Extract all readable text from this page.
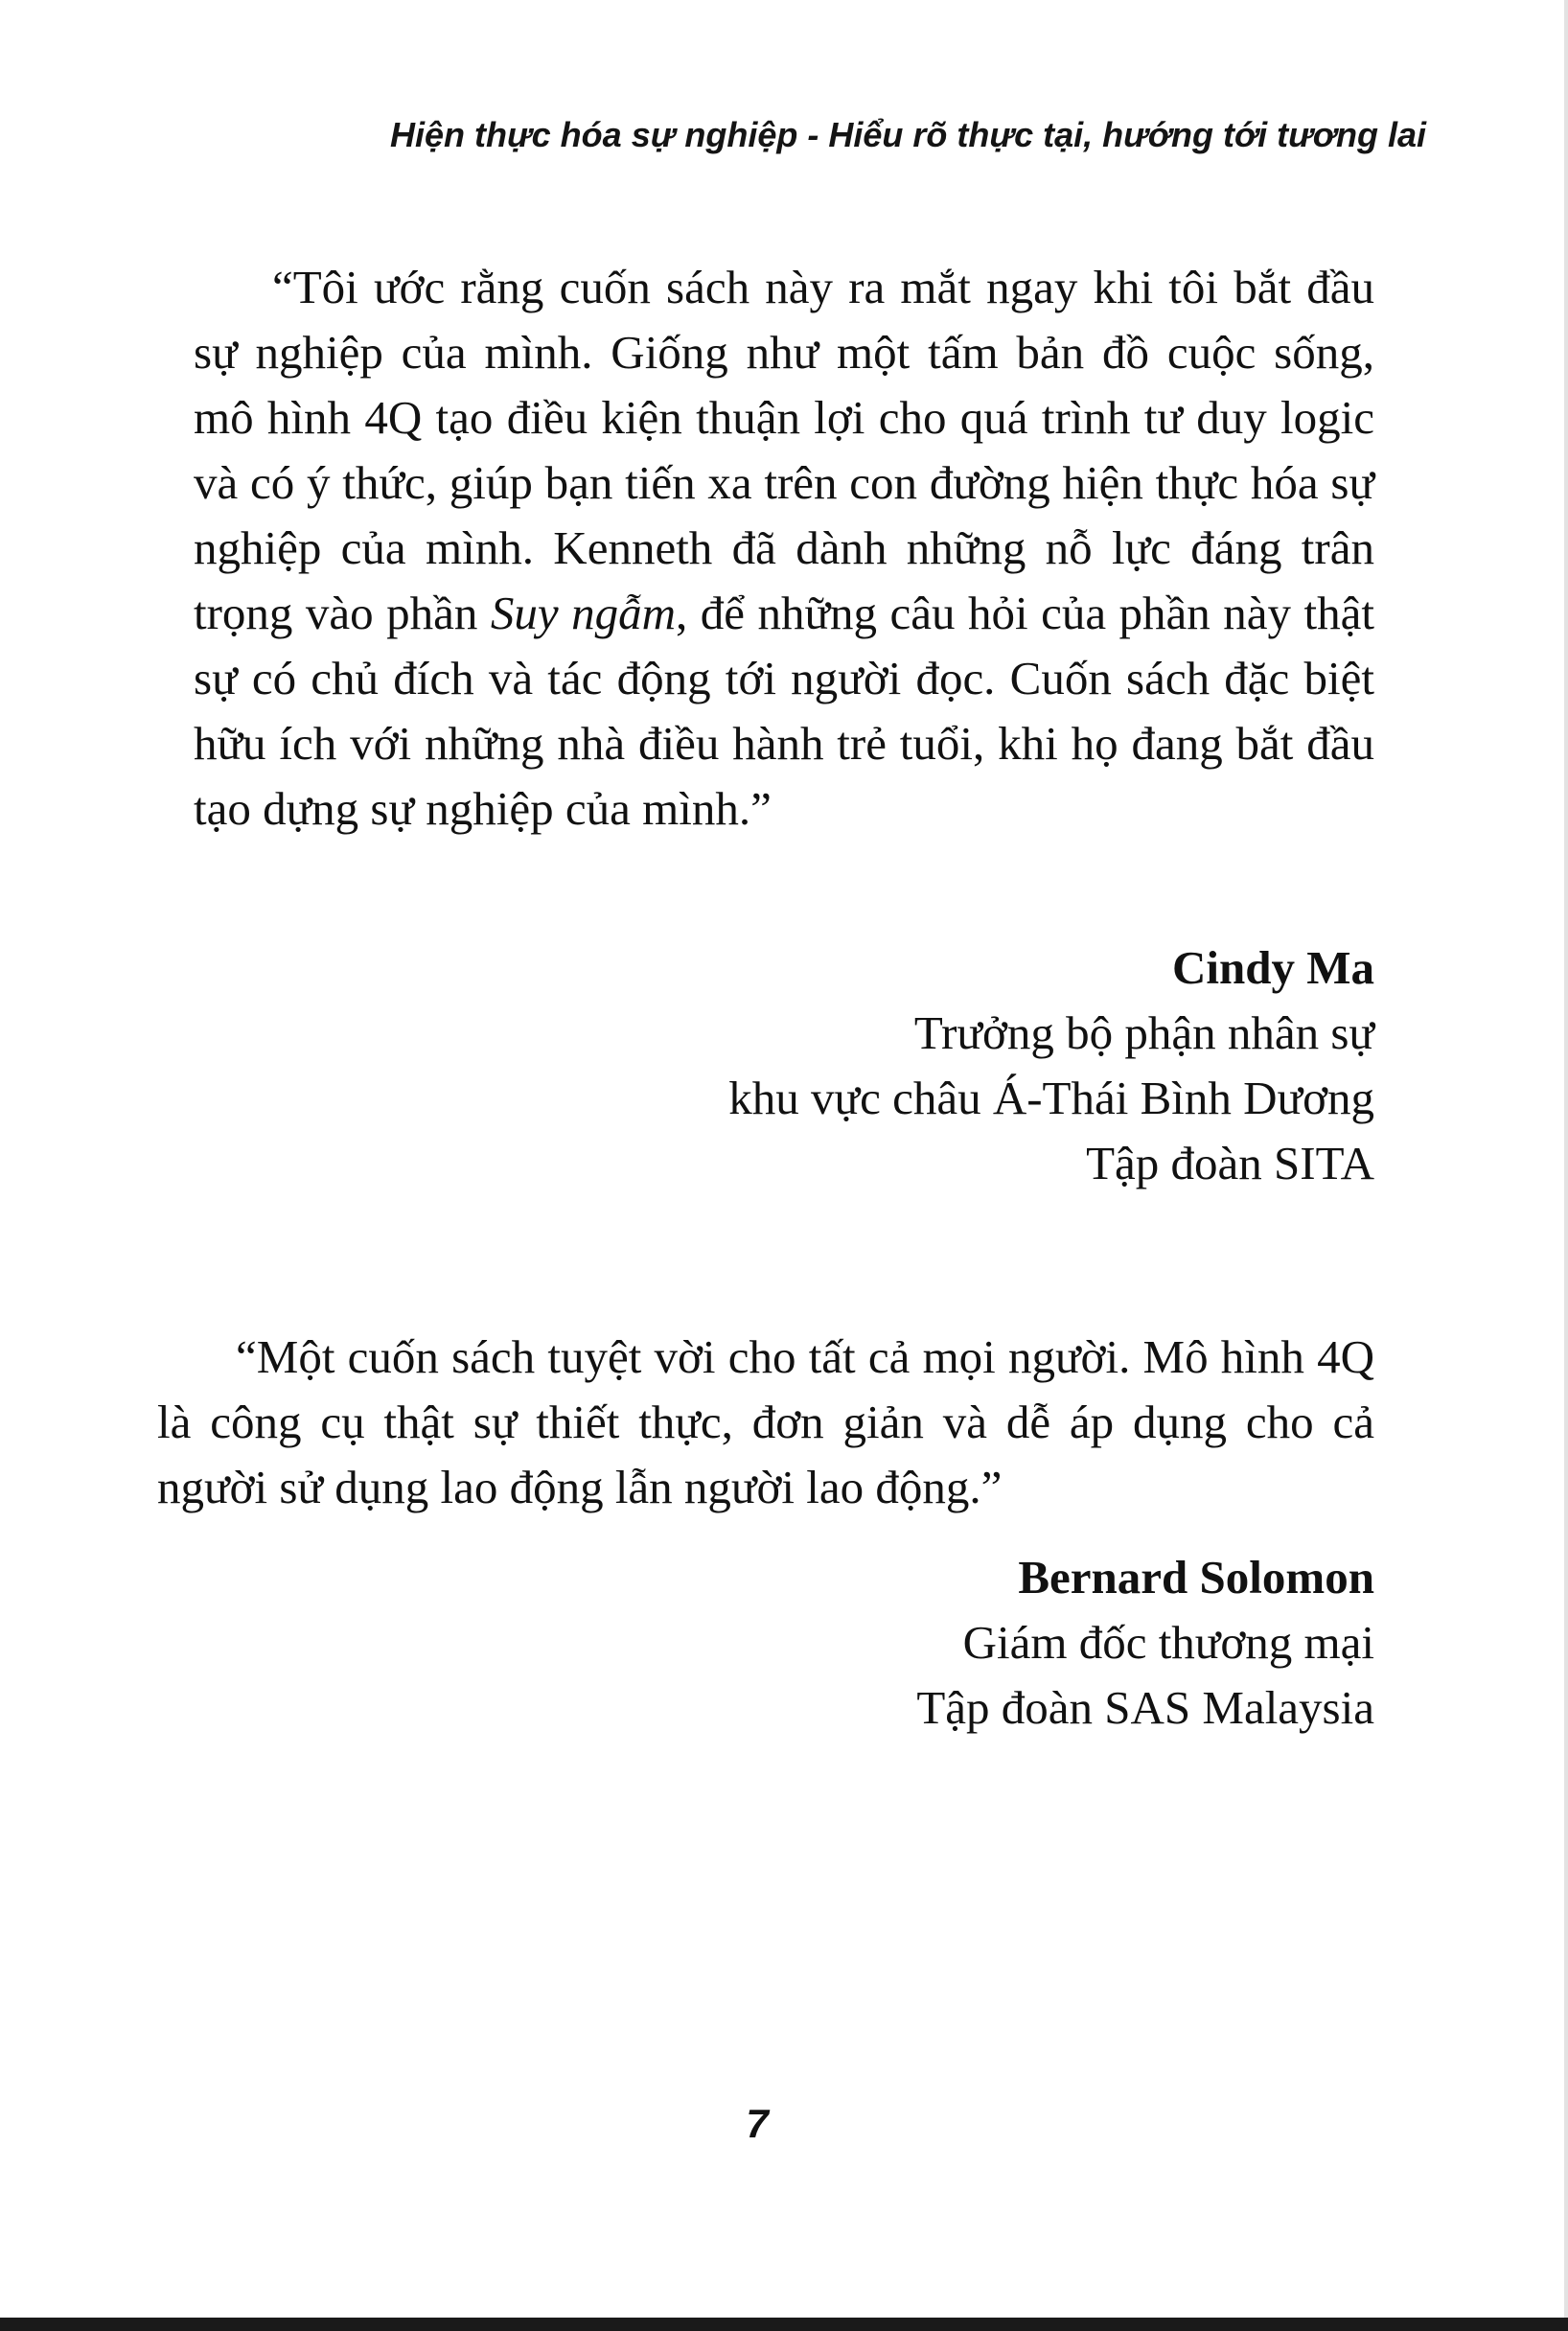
Hiện thực hóa sự nghiệp - Hiểu rõ thực tại, hướng tới tương lai

“Tôi ước rằng cuốn sách này ra mắt ngay khi tôi bắt đầu sự nghiệp của mình. Giống như một tấm bản đồ cuộc sống, mô hình 4Q tạo điều kiện thuận lợi cho quá trình tư duy logic và có ý thức, giúp bạn tiến xa trên con đường hiện thực hóa sự nghiệp của mình. Kenneth đã dành những nỗ lực đáng trân trọng vào phần Suy ngẫm, để những câu hỏi của phần này thật sự có chủ đích và tác động tới người đọc. Cuốn sách đặc biệt hữu ích với những nhà điều hành trẻ tuổi, khi họ đang bắt đầu tạo dựng sự nghiệp của mình.”

Cindy Ma
Trưởng bộ phận nhân sự
khu vực châu Á-Thái Bình Dương
Tập đoàn SITA

“Một cuốn sách tuyệt vời cho tất cả mọi người. Mô hình 4Q là công cụ thật sự thiết thực, đơn giản và dễ áp dụng cho cả người sử dụng lao động lẫn người lao động.”

Bernard Solomon
Giám đốc thương mại
Tập đoàn SAS Malaysia
7
